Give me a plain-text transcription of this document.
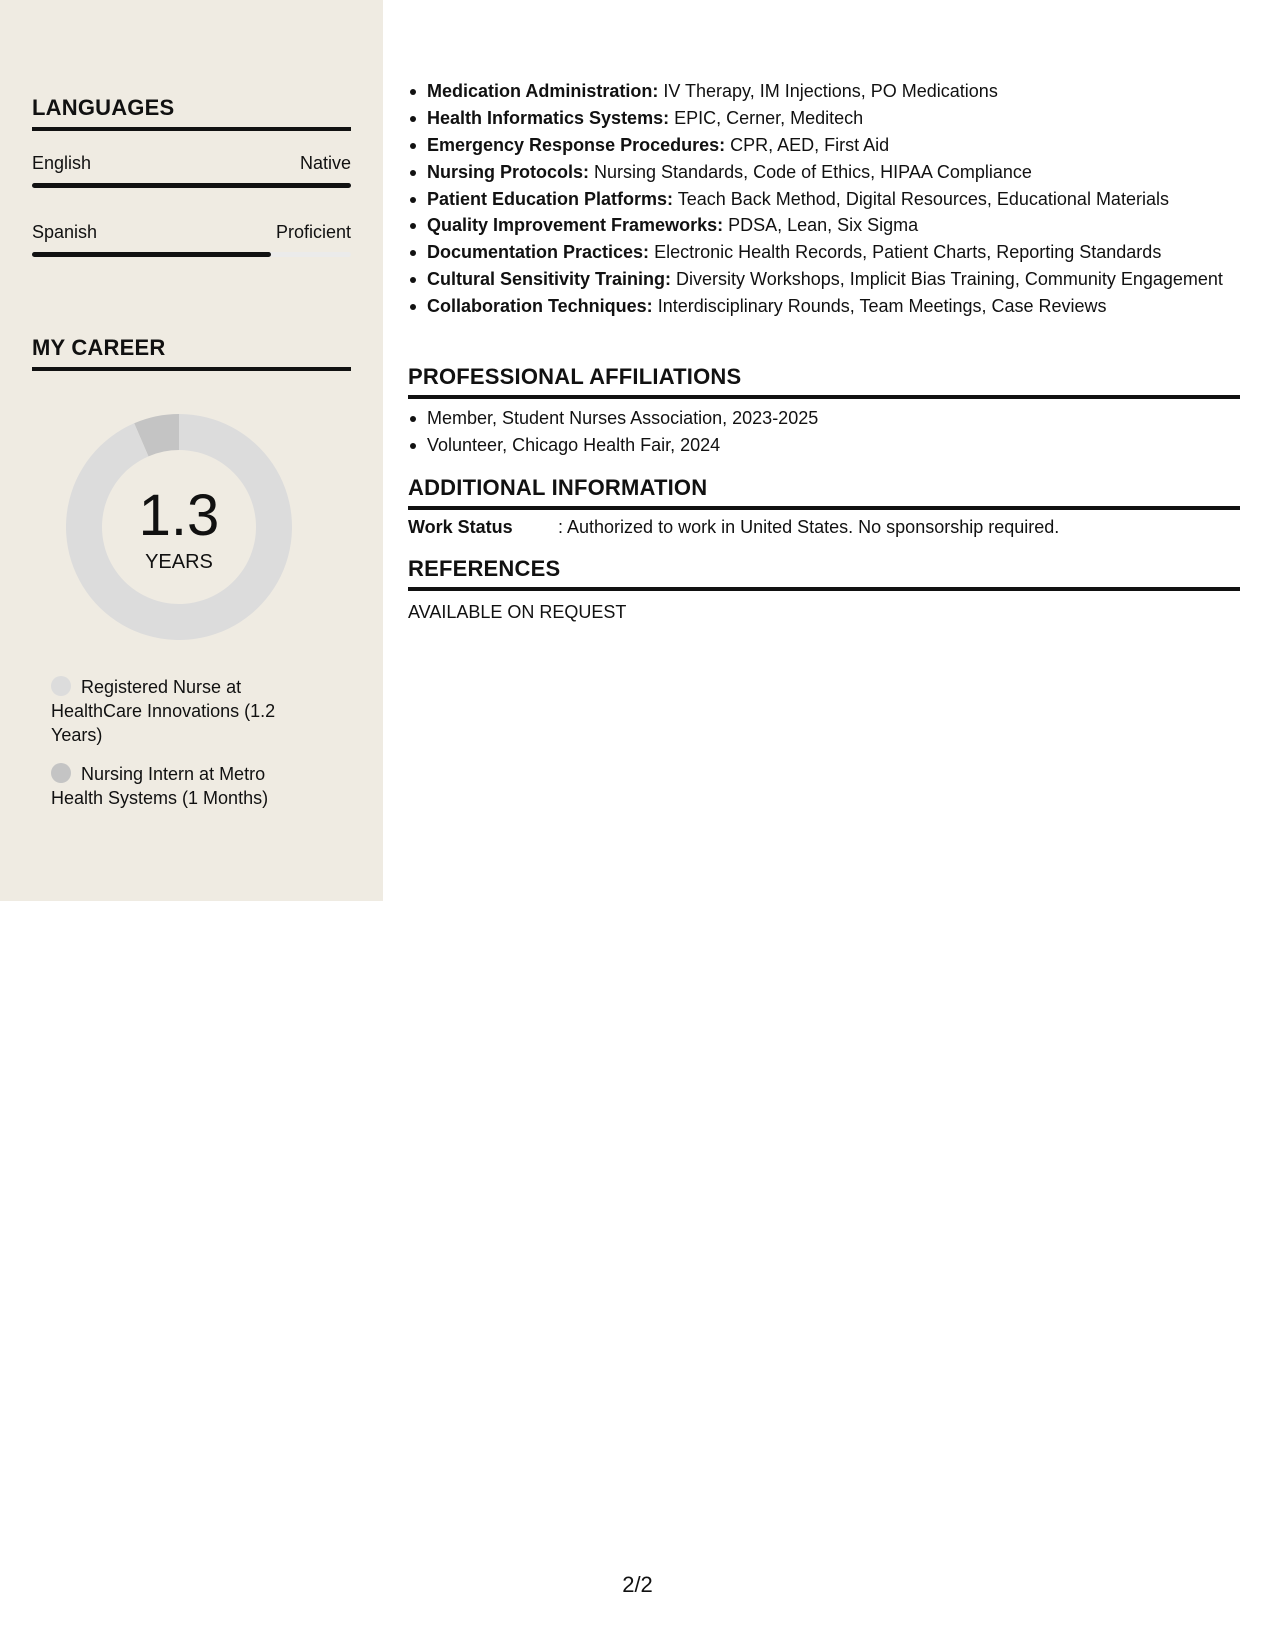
LANGUAGES
English	Native
Spanish	Proficient
MY CAREER
1.3
YEARS
Registered Nurse at HealthCare Innovations (1.2 Years)
Nursing Intern at Metro Health Systems (1 Months)
Medication Administration: IV Therapy, IM Injections, PO Medications
Health Informatics Systems: EPIC, Cerner, Meditech
Emergency Response Procedures: CPR, AED, First Aid
Nursing Protocols: Nursing Standards, Code of Ethics, HIPAA Compliance
Patient Education Platforms: Teach Back Method, Digital Resources, Educational Materials
Quality Improvement Frameworks: PDSA, Lean, Six Sigma
Documentation Practices: Electronic Health Records, Patient Charts, Reporting Standards
Cultural Sensitivity Training: Diversity Workshops, Implicit Bias Training, Community Engagement
Collaboration Techniques: Interdisciplinary Rounds, Team Meetings, Case Reviews
PROFESSIONAL AFFILIATIONS
Member, Student Nurses Association, 2023-2025
Volunteer, Chicago Health Fair, 2024
ADDITIONAL INFORMATION
Work Status	: Authorized to work in United States. No sponsorship required.
REFERENCES
AVAILABLE ON REQUEST
2/2
